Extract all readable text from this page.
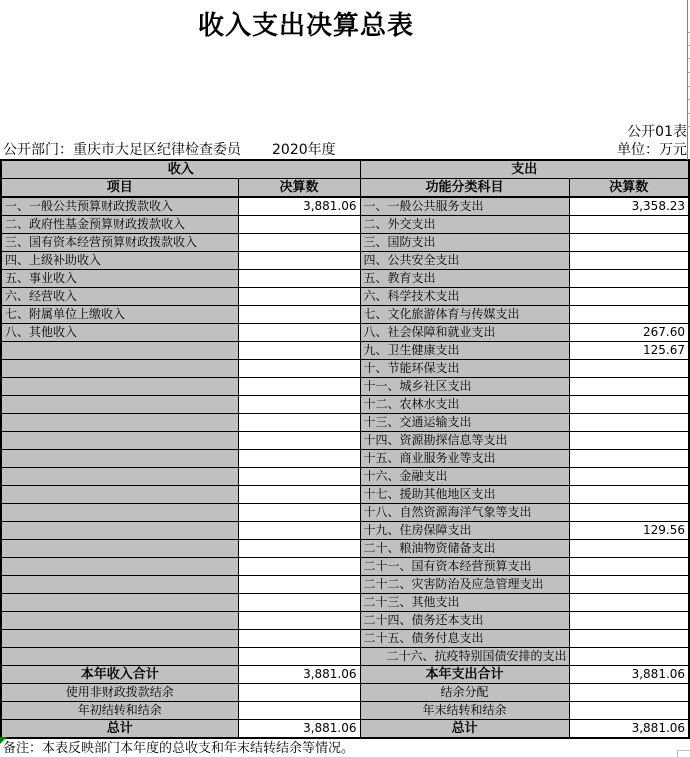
收入支出决算总表
公开01表
公开部门：重庆市大足区纪律检查委员 2020年度	单位：万元
收入		支出	
项目	决算数	功能分类科目	决算数
一、一般公共预算财政拨款收入	3,881.06	一、一般公共服务支出	3,358.23
二、政府性基金预算财政拨款收入		二、外交支出	
三、国有资本经营预算财政拨款收入		三、国防支出	
四、上级补助收入		四、公共安全支出	
五、事业收入		五、教育支出	
六、经营收入		六、科学技术支出	
七、附属单位上缴收入		七、文化旅游体育与传媒支出	
八、其他收入		八、社会保障和就业支出	267.60
		九、卫生健康支出	125.67
		十、节能环保支出	
		十一、城乡社区支出	
		十二、农林水支出	
		十三、交通运输支出	
		十四、资源勘探信息等支出	
		十五、商业服务业等支出	
		十六、金融支出	
		十七、援助其他地区支出	
		十八、自然资源海洋气象等支出	
		十九、住房保障支出	129.56
		二十、粮油物资储备支出	
		二十一、国有资本经营预算支出	
		二十二、灾害防治及应急管理支出	
		二十三、其他支出	
		二十四、债务还本支出	
		二十五、债务付息支出	
		二十六、抗疫特别国债安排的支出	
本年收入合计	3,881.06	本年支出合计	3,881.06
使用非财政拨款结余		结余分配	
年初结转和结余		年末结转和结余	
总计	3,881.06	总计	3,881.06
备注：本表反映部门本年度的总收支和年末结转结余等情况。
